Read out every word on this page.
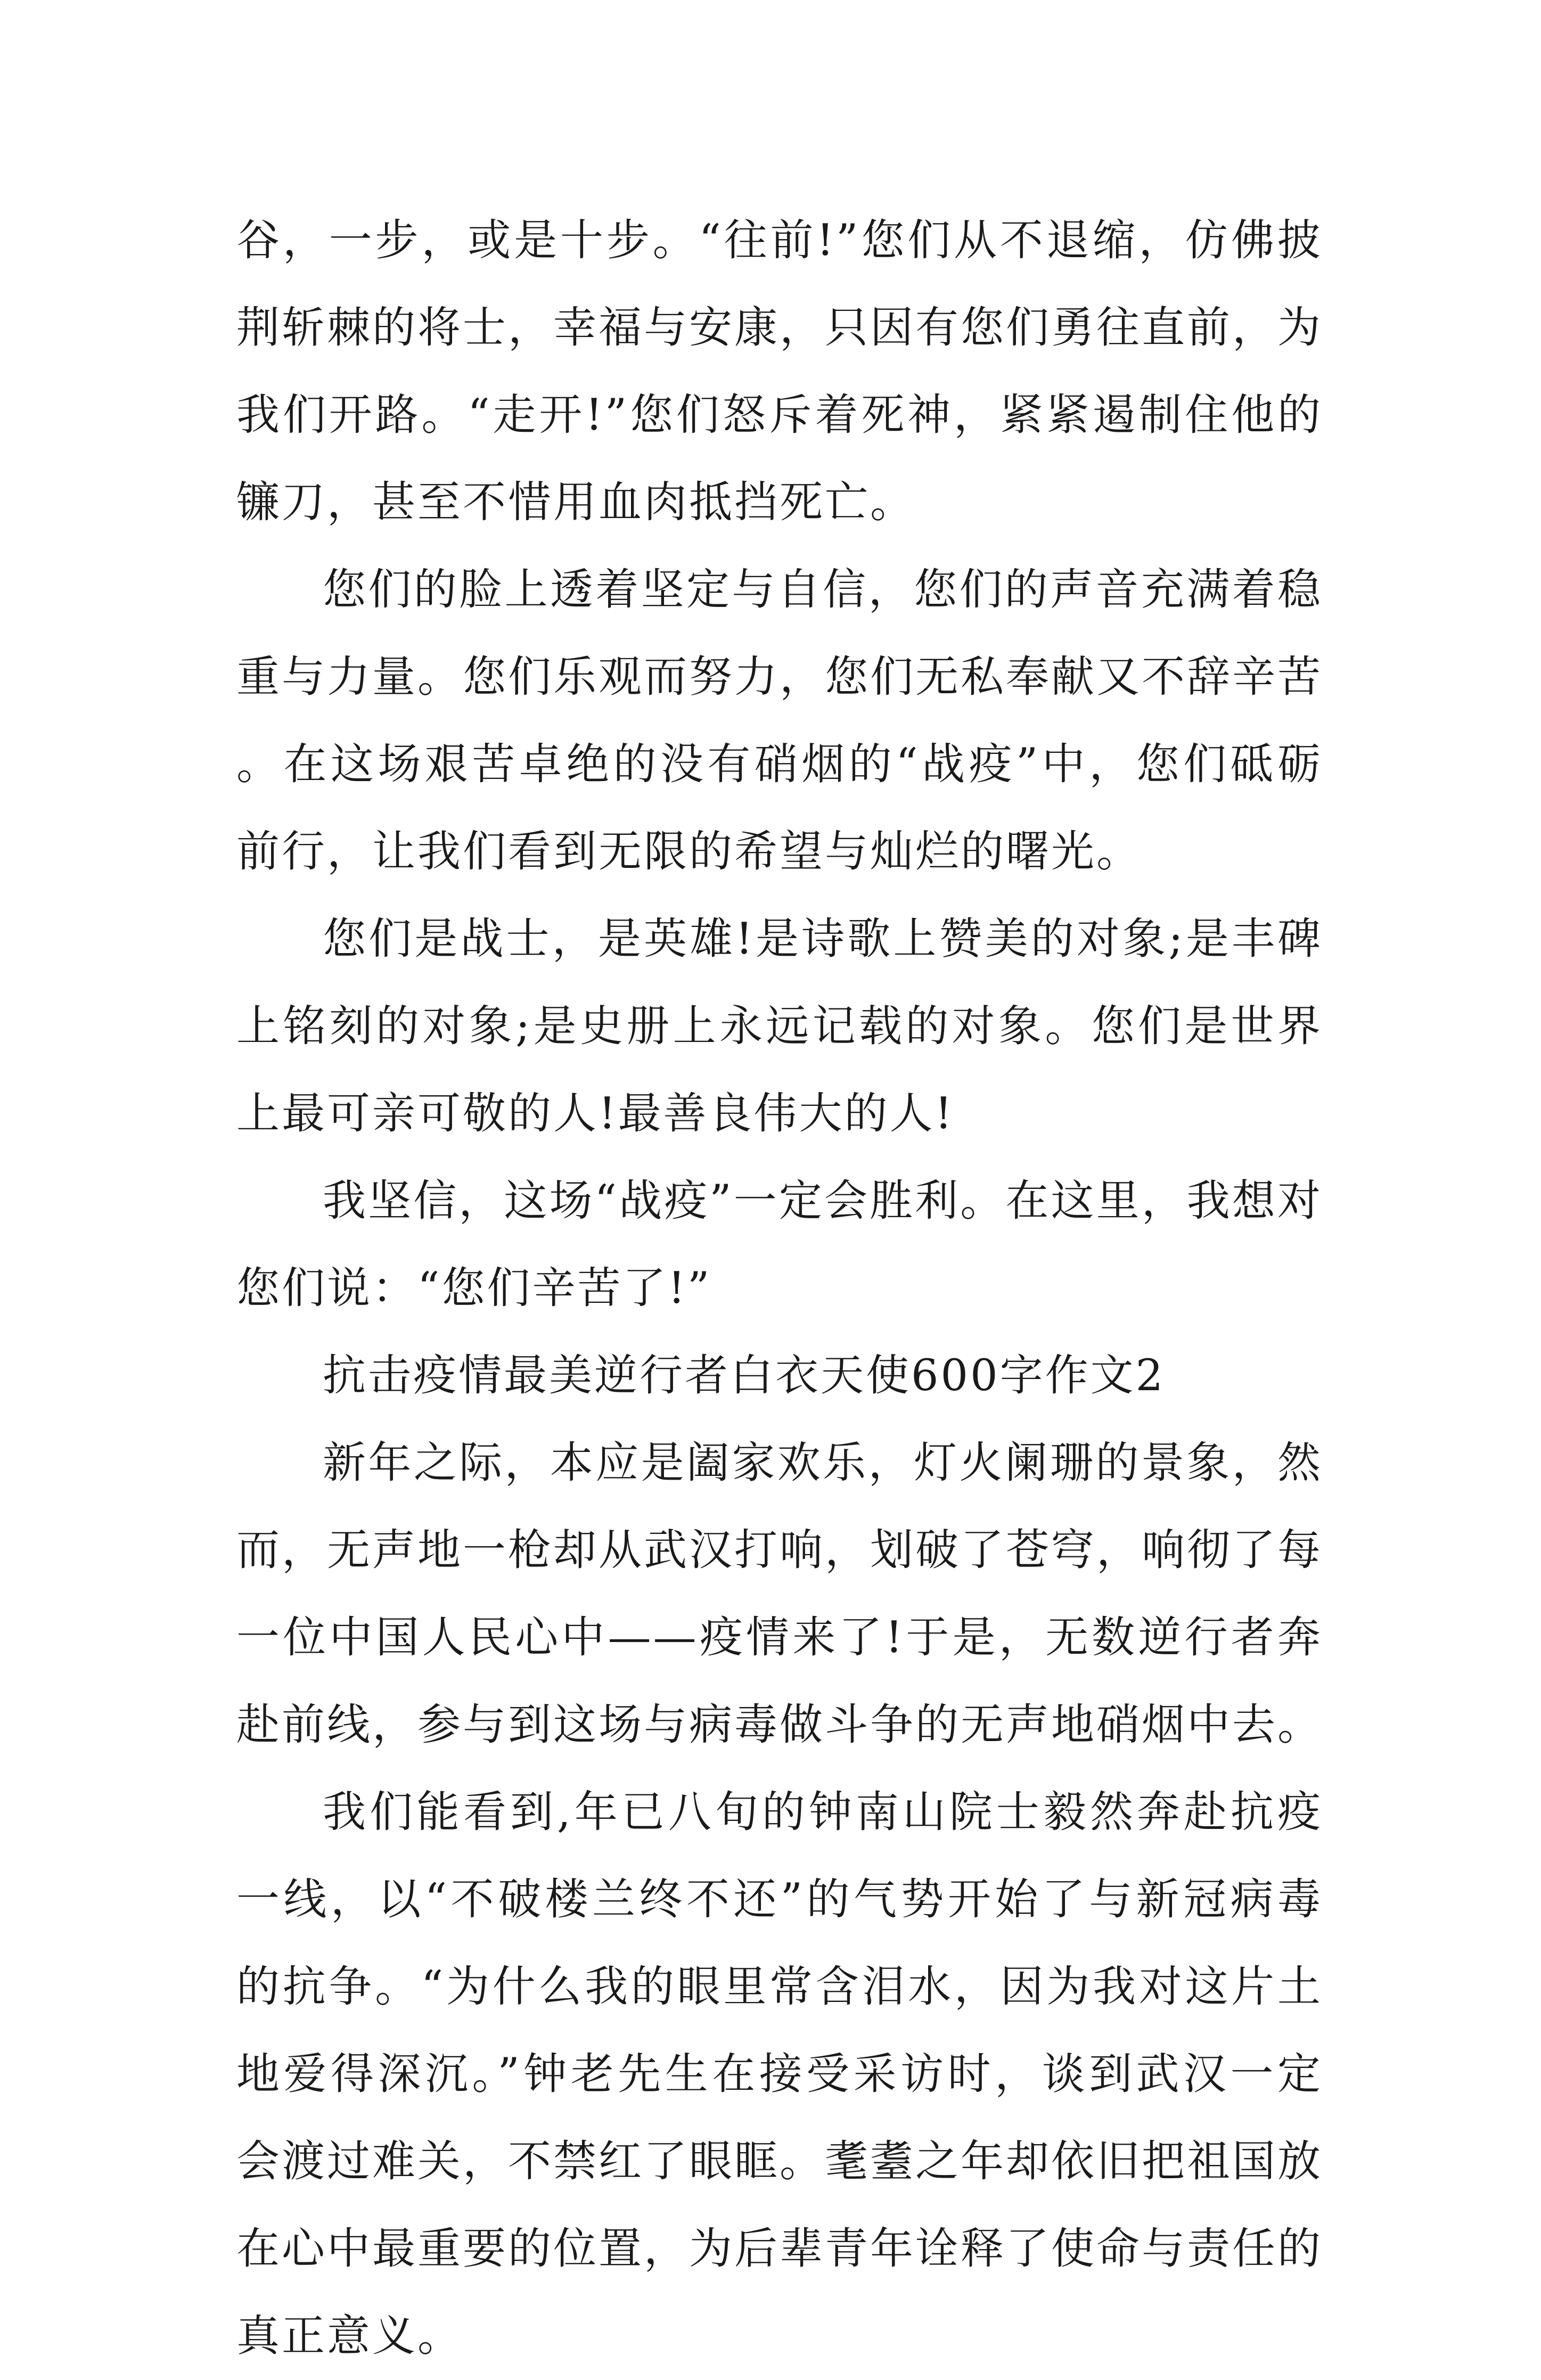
谷，一步，或是十步。“往前!”您们从不退缩，仿佛披荆斩棘的将士，幸福与安康，只因有您们勇往直前，为我们开路。“走开!”您们怒斥着死神，紧紧遏制住他的镰刀，甚至不惜用血肉抵挡死亡。

您们的脸上透着坚定与自信，您们的声音充满着稳重与力量。您们乐观而努力，您们无私奉献又不辞辛苦。在这场艰苦卓绝的没有硝烟的“战疫”中，您们砥砺前行，让我们看到无限的希望与灿烂的曙光。

您们是战士，是英雄!是诗歌上赞美的对象;是丰碑上铭刻的对象;是史册上永远记载的对象。您们是世界上最可亲可敬的人!最善良伟大的人!

我坚信，这场“战疫”一定会胜利。在这里，我想对您们说：“您们辛苦了!”

抗击疫情最美逆行者白衣天使600字作文2

新年之际，本应是阖家欢乐，灯火阑珊的景象，然而，无声地一枪却从武汉打响，划破了苍穹，响彻了每一位中国人民心中——疫情来了!于是，无数逆行者奔赴前线，参与到这场与病毒做斗争的无声地硝烟中去。

我们能看到,年已八旬的钟南山院士毅然奔赴抗疫一线，以“不破楼兰终不还”的气势开始了与新冠病毒的抗争。“为什么我的眼里常含泪水，因为我对这片土地爱得深沉。”钟老先生在接受采访时，谈到武汉一定会渡过难关，不禁红了眼眶。耄耋之年却依旧把祖国放在心中最重要的位置，为后辈青年诠释了使命与责任的真正意义。
